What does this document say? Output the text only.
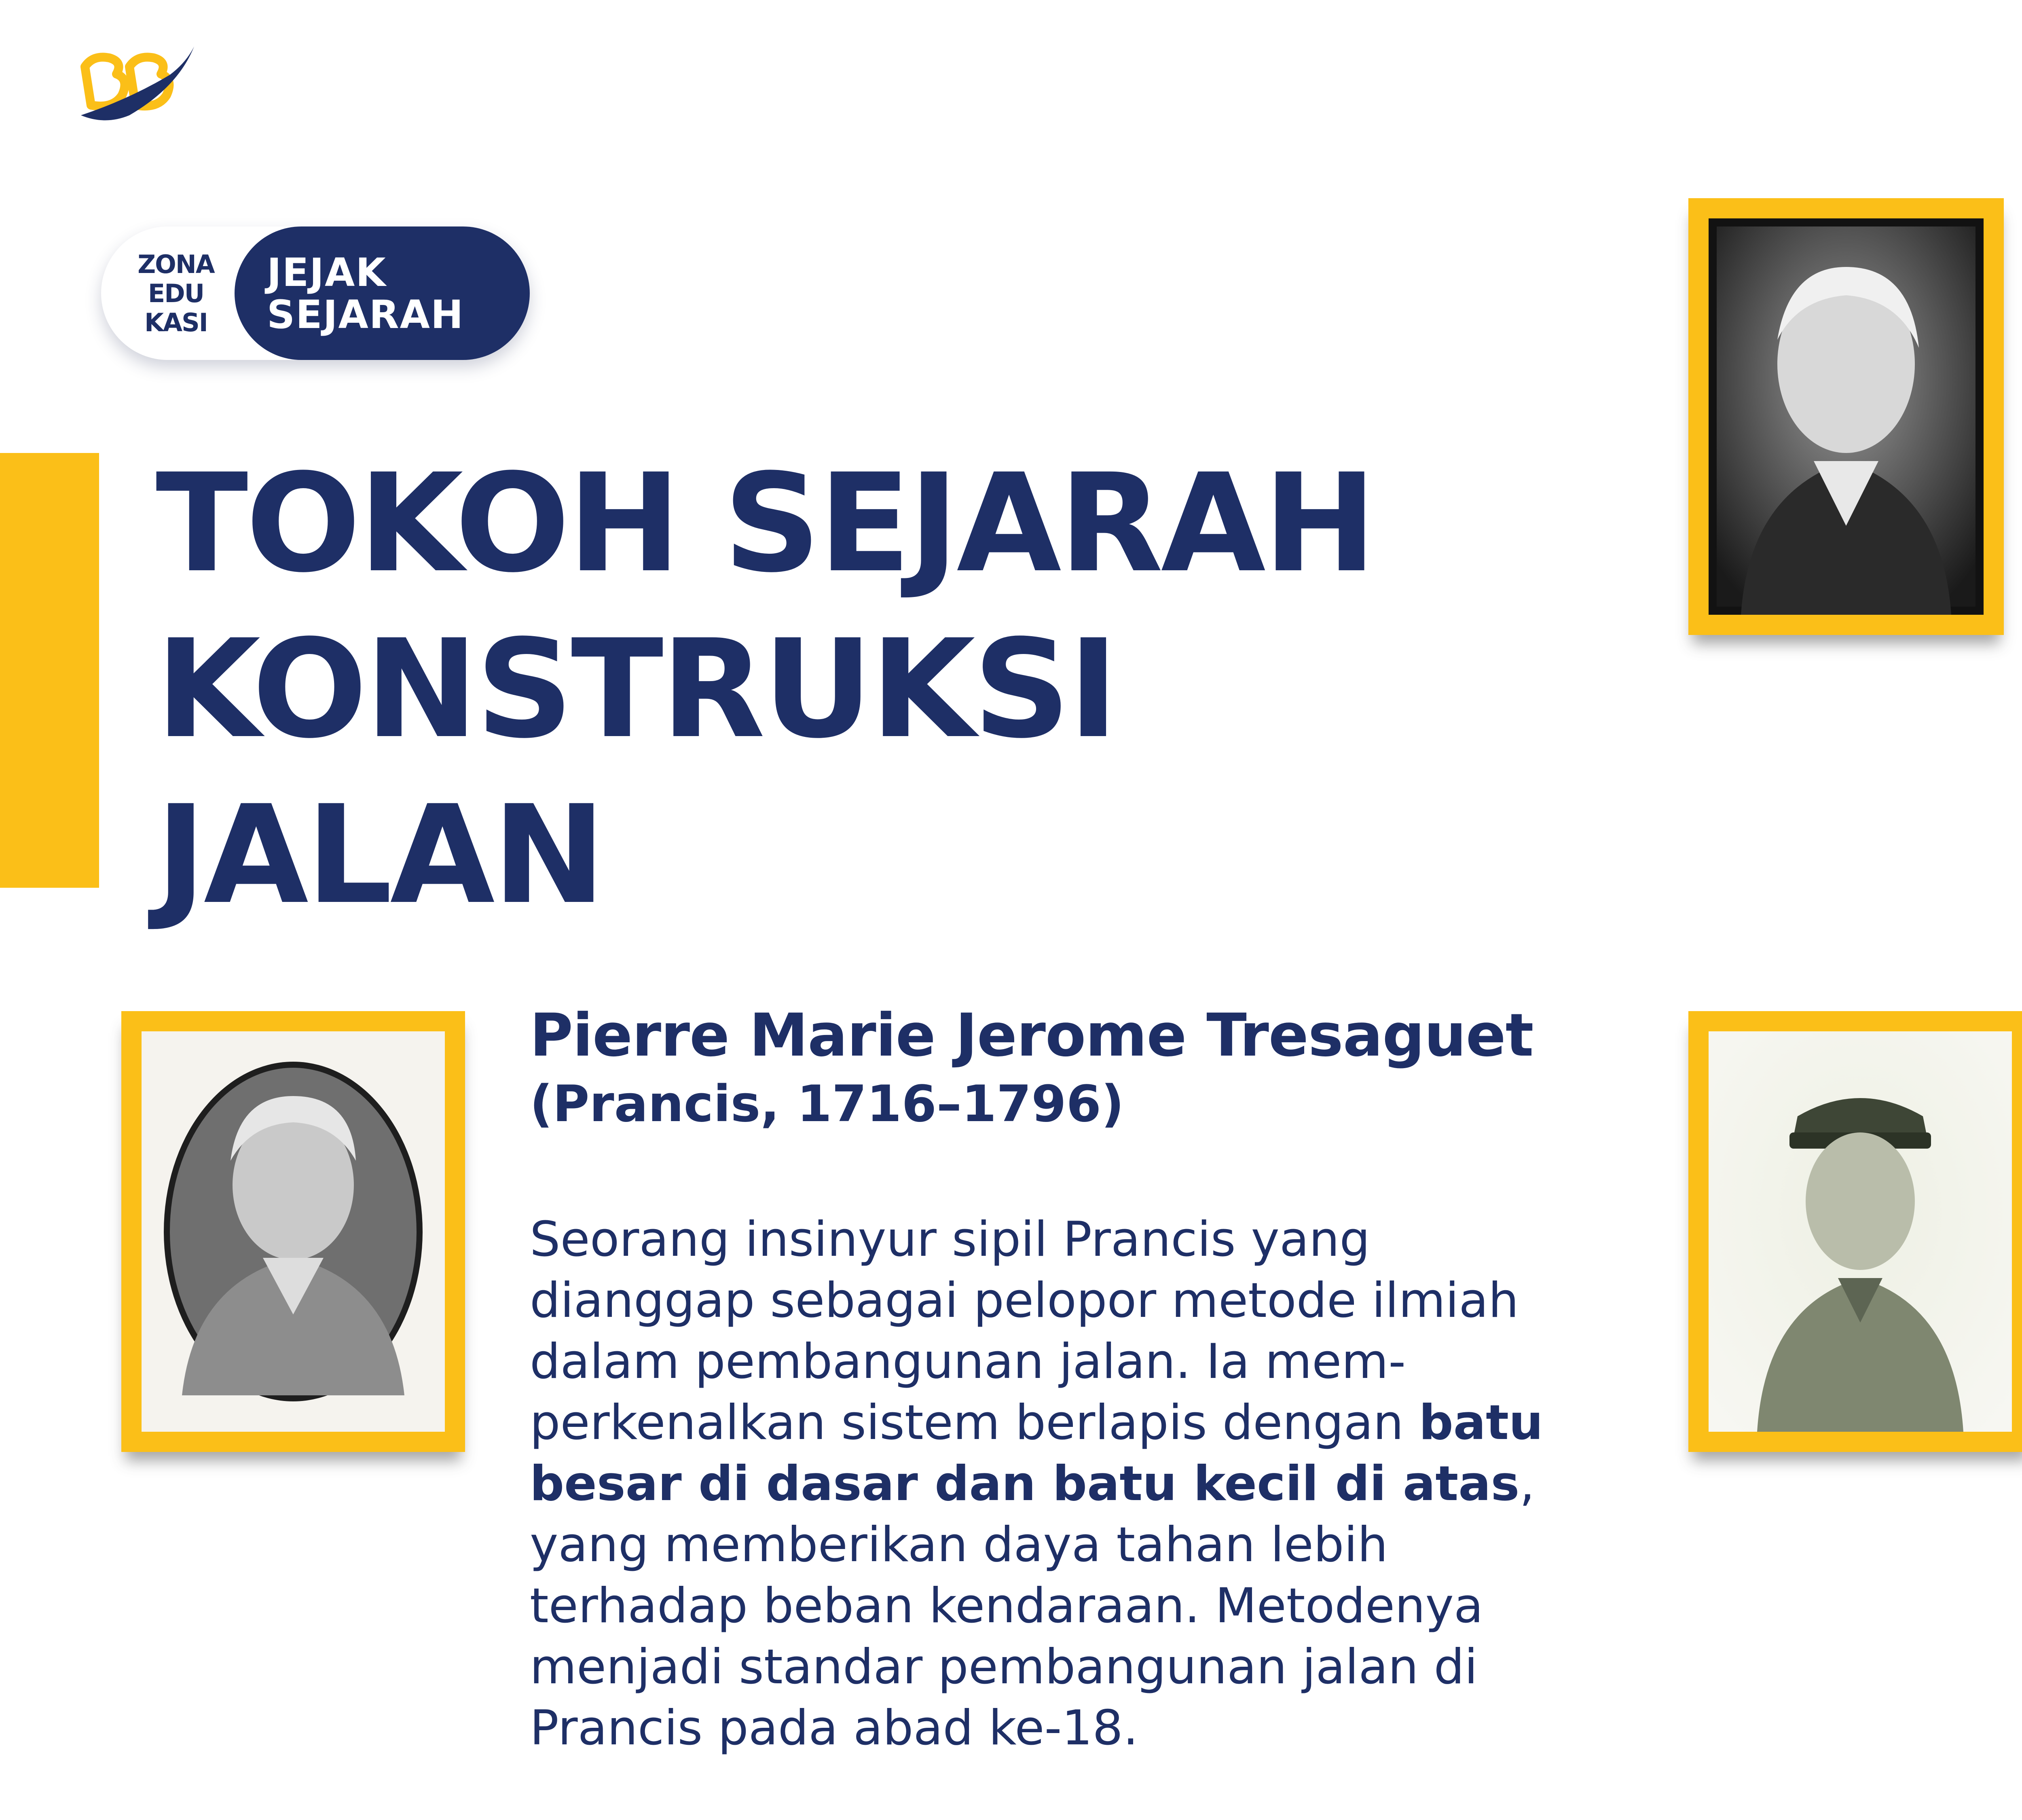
ZONA
EDU
KASI
JEJAK
SEJARAH
TOKOH SEJARAH
KONSTRUKSI
JALAN
Pierre Marie Jerome Tresaguet
(Prancis, 1716–1796)
Seorang insinyur sipil Prancis yang
dianggap sebagai pelopor metode ilmiah
dalam pembangunan jalan. Ia mem-
perkenalkan sistem berlapis dengan batu
besar di dasar dan batu kecil di atas,
yang memberikan daya tahan lebih
terhadap beban kendaraan. Metodenya
menjadi standar pembangunan jalan di
Prancis pada abad ke-18.
